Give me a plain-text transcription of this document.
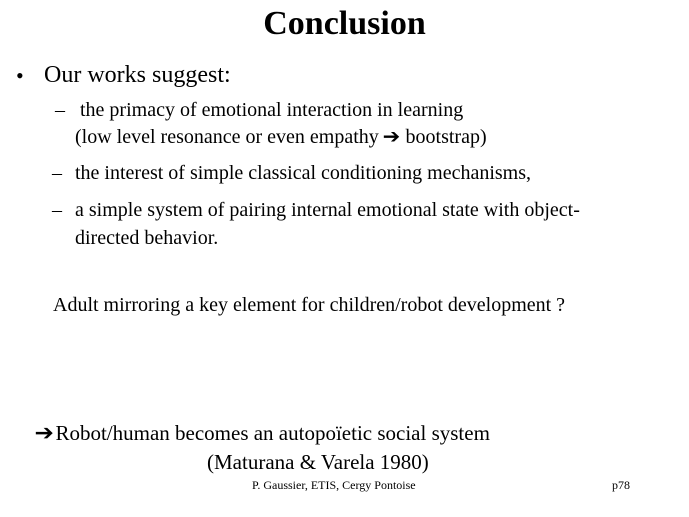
Conclusion
• Our works suggest:
– the primacy of emotional interaction in learning
(low level resonance or even empathy ➔ bootstrap)
– the interest of simple classical conditioning mechanisms,
– a simple system of pairing internal emotional state with object-
directed behavior.
Adult mirroring a key element for children/robot development ?
➔Robot/human becomes an autopoïetic social system
(Maturana & Varela 1980)
P. Gaussier, ETIS, Cergy Pontoise	p78
